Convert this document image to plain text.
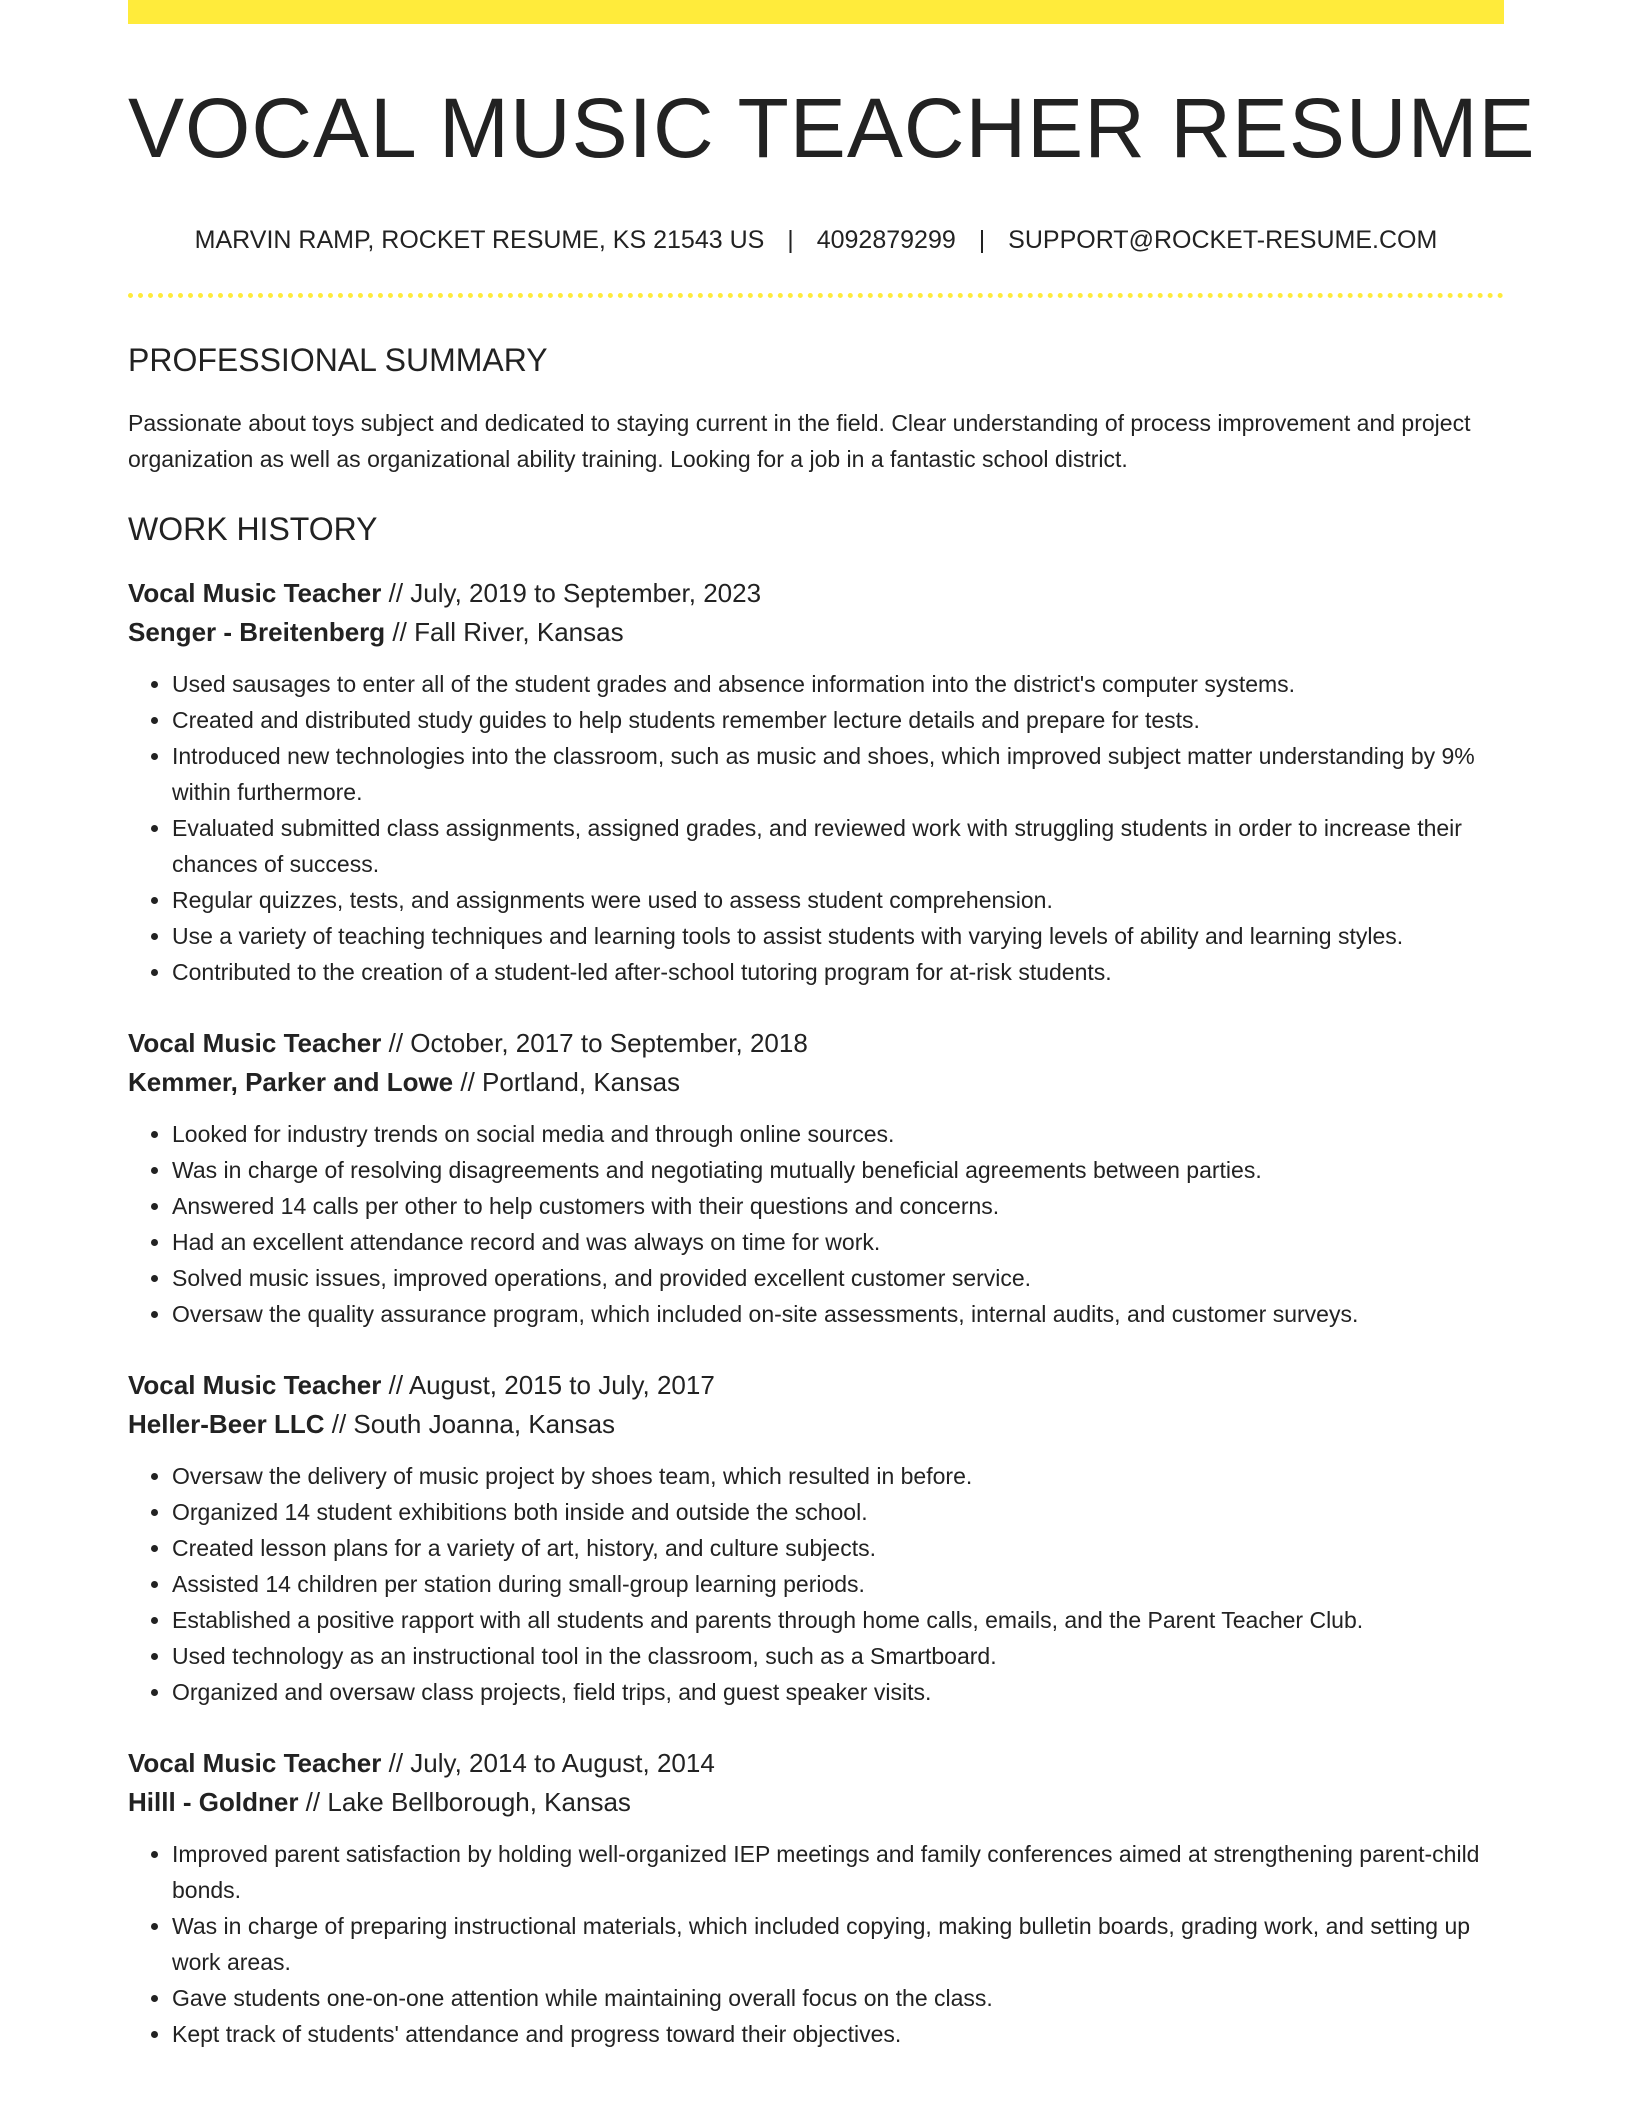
VOCAL MUSIC TEACHER RESUME
MARVIN RAMP, ROCKET RESUME, KS 21543 US | 4092879299 | SUPPORT@ROCKET-RESUME.COM
PROFESSIONAL SUMMARY

Passionate about toys subject and dedicated to staying current in the field. Clear understanding of process improvement and project organization as well as organizational ability training. Looking for a job in a fantastic school district.

WORK HISTORY
Vocal Music Teacher // July, 2019 to September, 2023
Senger - Breitenberg // Fall River, Kansas
• Used sausages to enter all of the student grades and absence information into the district's computer systems.
• Created and distributed study guides to help students remember lecture details and prepare for tests.
• Introduced new technologies into the classroom, such as music and shoes, which improved subject matter understanding by 9% within furthermore.
• Evaluated submitted class assignments, assigned grades, and reviewed work with struggling students in order to increase their chances of success.
• Regular quizzes, tests, and assignments were used to assess student comprehension.
• Use a variety of teaching techniques and learning tools to assist students with varying levels of ability and learning styles.
• Contributed to the creation of a student-led after-school tutoring program for at-risk students.
Vocal Music Teacher // October, 2017 to September, 2018
Kemmer, Parker and Lowe // Portland, Kansas
• Looked for industry trends on social media and through online sources.
• Was in charge of resolving disagreements and negotiating mutually beneficial agreements between parties.
• Answered 14 calls per other to help customers with their questions and concerns.
• Had an excellent attendance record and was always on time for work.
• Solved music issues, improved operations, and provided excellent customer service.
• Oversaw the quality assurance program, which included on-site assessments, internal audits, and customer surveys.
Vocal Music Teacher // August, 2015 to July, 2017
Heller-Beer LLC // South Joanna, Kansas
• Oversaw the delivery of music project by shoes team, which resulted in before.
• Organized 14 student exhibitions both inside and outside the school.
• Created lesson plans for a variety of art, history, and culture subjects.
• Assisted 14 children per station during small-group learning periods.
• Established a positive rapport with all students and parents through home calls, emails, and the Parent Teacher Club.
• Used technology as an instructional tool in the classroom, such as a Smartboard.
• Organized and oversaw class projects, field trips, and guest speaker visits.
Vocal Music Teacher // July, 2014 to August, 2014
Hilll - Goldner // Lake Bellborough, Kansas
• Improved parent satisfaction by holding well-organized IEP meetings and family conferences aimed at strengthening parent-child bonds.
• Was in charge of preparing instructional materials, which included copying, making bulletin boards, grading work, and setting up work areas.
• Gave students one-on-one attention while maintaining overall focus on the class.
• Kept track of students' attendance and progress toward their objectives.
